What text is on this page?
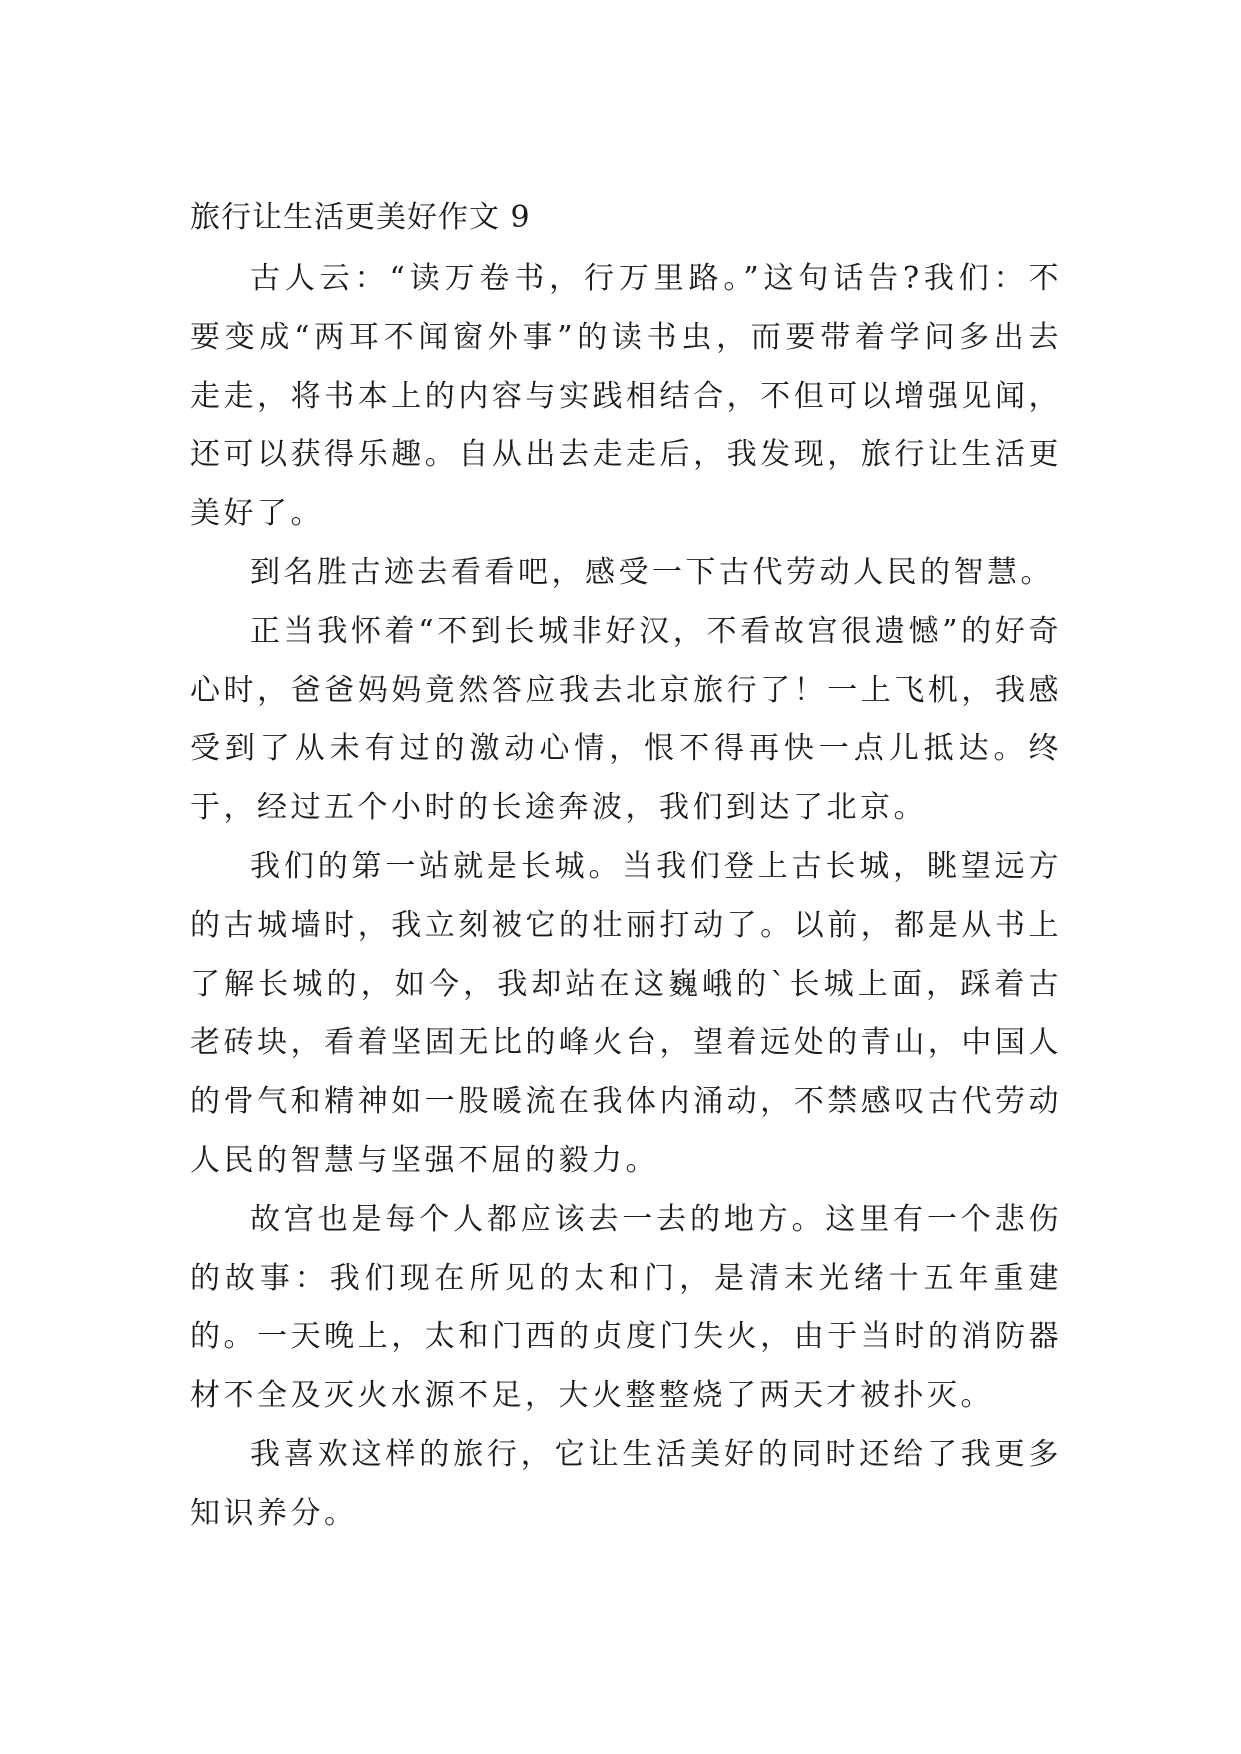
旅行让生活更美好作文 9

古人云：“读万卷书，行万里路。”这句话告?我们：不要变成“两耳不闻窗外事”的读书虫，而要带着学问多出去走走，将书本上的内容与实践相结合，不但可以增强见闻，还可以获得乐趣。自从出去走走后，我发现，旅行让生活更美好了。

到名胜古迹去看看吧，感受一下古代劳动人民的智慧。

正当我怀着“不到长城非好汉，不看故宫很遗憾”的好奇心时，爸爸妈妈竟然答应我去北京旅行了！一上飞机，我感受到了从未有过的激动心情，恨不得再快一点儿抵达。终于，经过五个小时的长途奔波，我们到达了北京。

我们的第一站就是长城。当我们登上古长城，眺望远方的古城墙时，我立刻被它的壮丽打动了。以前，都是从书上了解长城的，如今，我却站在这巍峨的`长城上面，踩着古老砖块，看着坚固无比的峰火台，望着远处的青山，中国人的骨气和精神如一股暖流在我体内涌动，不禁感叹古代劳动人民的智慧与坚强不屈的毅力。

故宫也是每个人都应该去一去的地方。这里有一个悲伤的故事：我们现在所见的太和门，是清末光绪十五年重建的。一天晚上，太和门西的贞度门失火，由于当时的消防器材不全及灭火水源不足，大火整整烧了两天才被扑灭。

我喜欢这样的旅行，它让生活美好的同时还给了我更多知识养分。
